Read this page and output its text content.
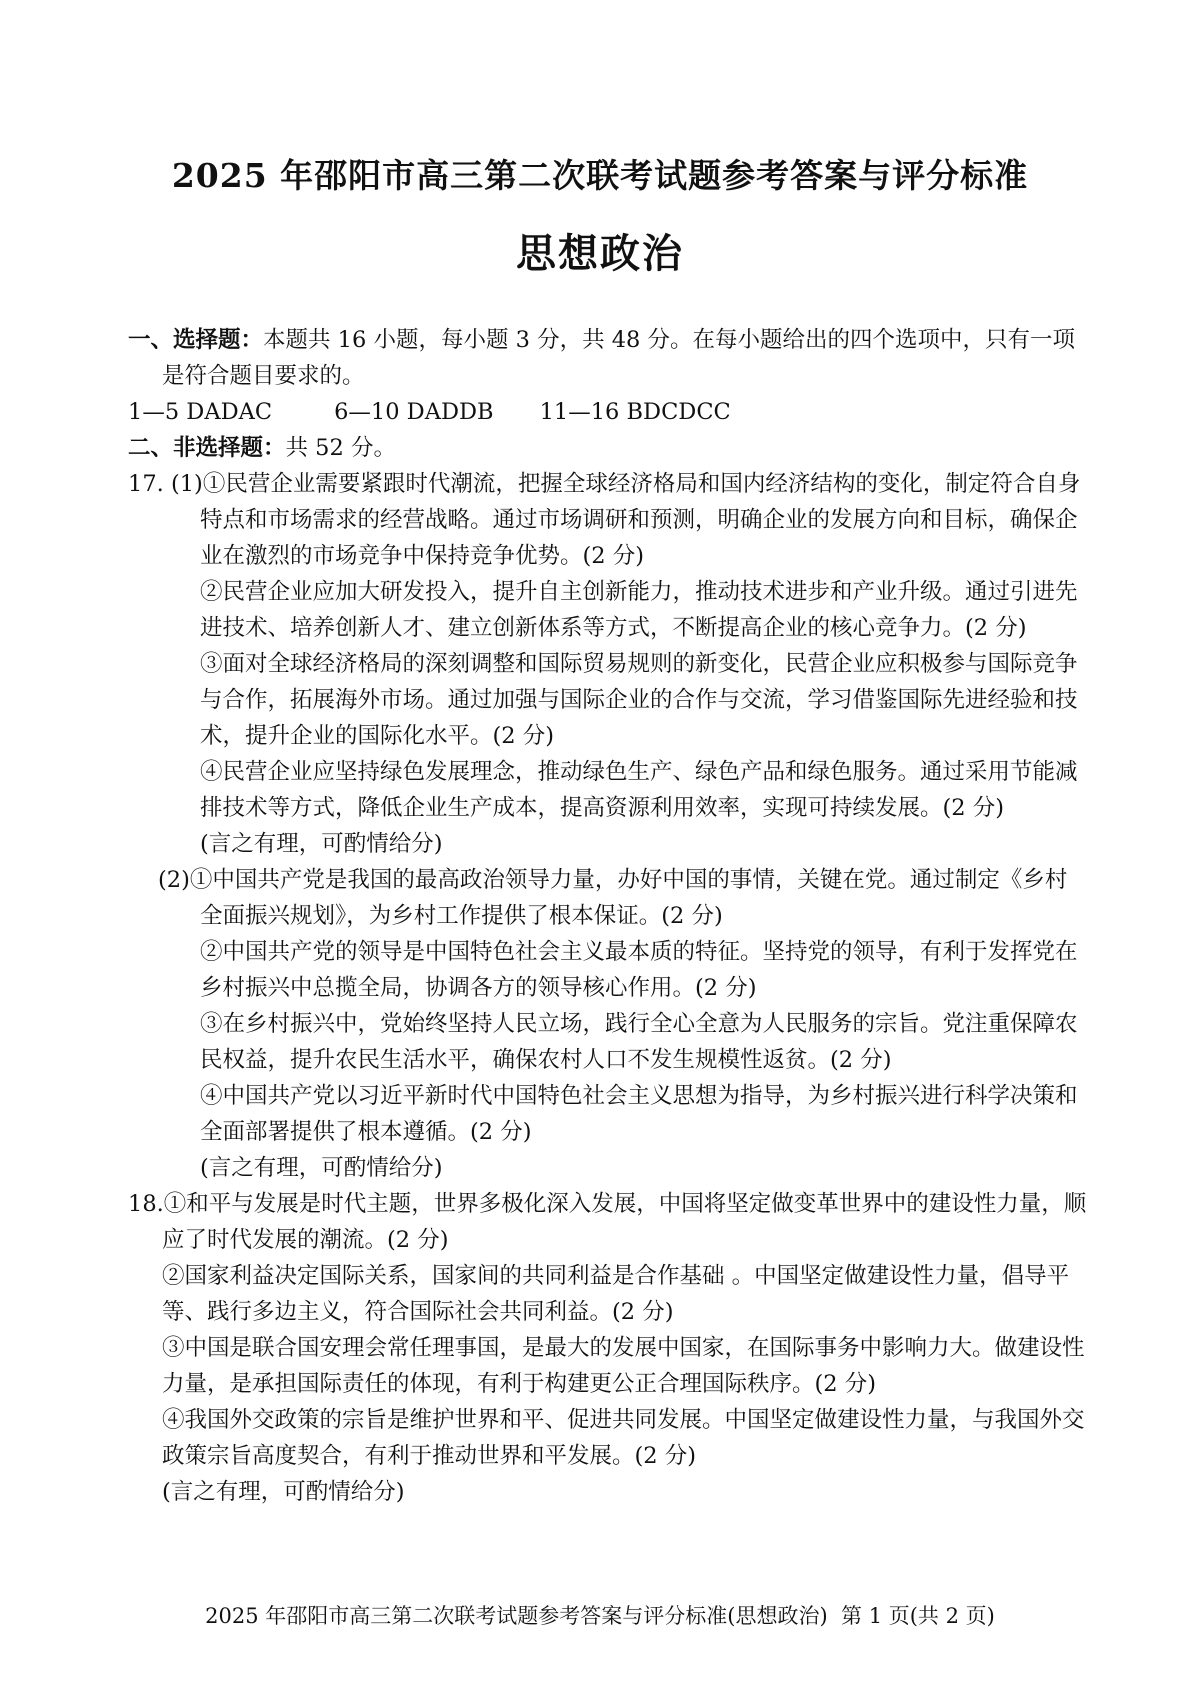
2025 年邵阳市高三第二次联考试题参考答案与评分标准
思想政治

一、选择题：本题共 16 小题，每小题 3 分，共 48 分。在每小题给出的四个选项中，只有一项是符合题目要求的。

1—5 DADAC	6—10 DADDB 11—16 BDCDCC

二、非选择题：共 52 分。

17. (1)①民营企业需要紧跟时代潮流，把握全球经济格局和国内经济结构的变化，制定符合自身特点和市场需求的经营战略。通过市场调研和预测，明确企业的发展方向和目标，确保企业在激烈的市场竞争中保持竞争优势。(2 分)

②民营企业应加大研发投入，提升自主创新能力，推动技术进步和产业升级。通过引进先进技术、培养创新人才、建立创新体系等方式，不断提高企业的核心竞争力。(2 分)

③面对全球经济格局的深刻调整和国际贸易规则的新变化，民营企业应积极参与国际竞争与合作，拓展海外市场。通过加强与国际企业的合作与交流，学习借鉴国际先进经验和技术，提升企业的国际化水平。(2 分)

④民营企业应坚持绿色发展理念，推动绿色生产、绿色产品和绿色服务。通过采用节能减排技术等方式，降低企业生产成本，提高资源利用效率，实现可持续发展。(2 分)

(言之有理，可酌情给分)

(2)①中国共产党是我国的最高政治领导力量，办好中国的事情，关键在党。通过制定《乡村全面振兴规划》，为乡村工作提供了根本保证。(2 分)

②中国共产党的领导是中国特色社会主义最本质的特征。坚持党的领导，有利于发挥党在乡村振兴中总揽全局，协调各方的领导核心作用。(2 分)

③在乡村振兴中，党始终坚持人民立场，践行全心全意为人民服务的宗旨。党注重保障农民权益，提升农民生活水平，确保农村人口不发生规模性返贫。(2 分)

④中国共产党以习近平新时代中国特色社会主义思想为指导，为乡村振兴进行科学决策和全面部署提供了根本遵循。(2 分)

(言之有理，可酌情给分)

18.①和平与发展是时代主题，世界多极化深入发展，中国将坚定做变革世界中的建设性力量，顺应了时代发展的潮流。(2 分)

②国家利益决定国际关系，国家间的共同利益是合作基础 。中国坚定做建设性力量，倡导平等、践行多边主义，符合国际社会共同利益。(2 分)

③中国是联合国安理会常任理事国，是最大的发展中国家，在国际事务中影响力大。做建设性力量，是承担国际责任的体现，有利于构建更公正合理国际秩序。(2 分)

④我国外交政策的宗旨是维护世界和平、促进共同发展。中国坚定做建设性力量，与我国外交政策宗旨高度契合，有利于推动世界和平发展。(2 分)

(言之有理，可酌情给分)

2025 年邵阳市高三第二次联考试题参考答案与评分标准(思想政治) 第 1 页(共 2 页)
